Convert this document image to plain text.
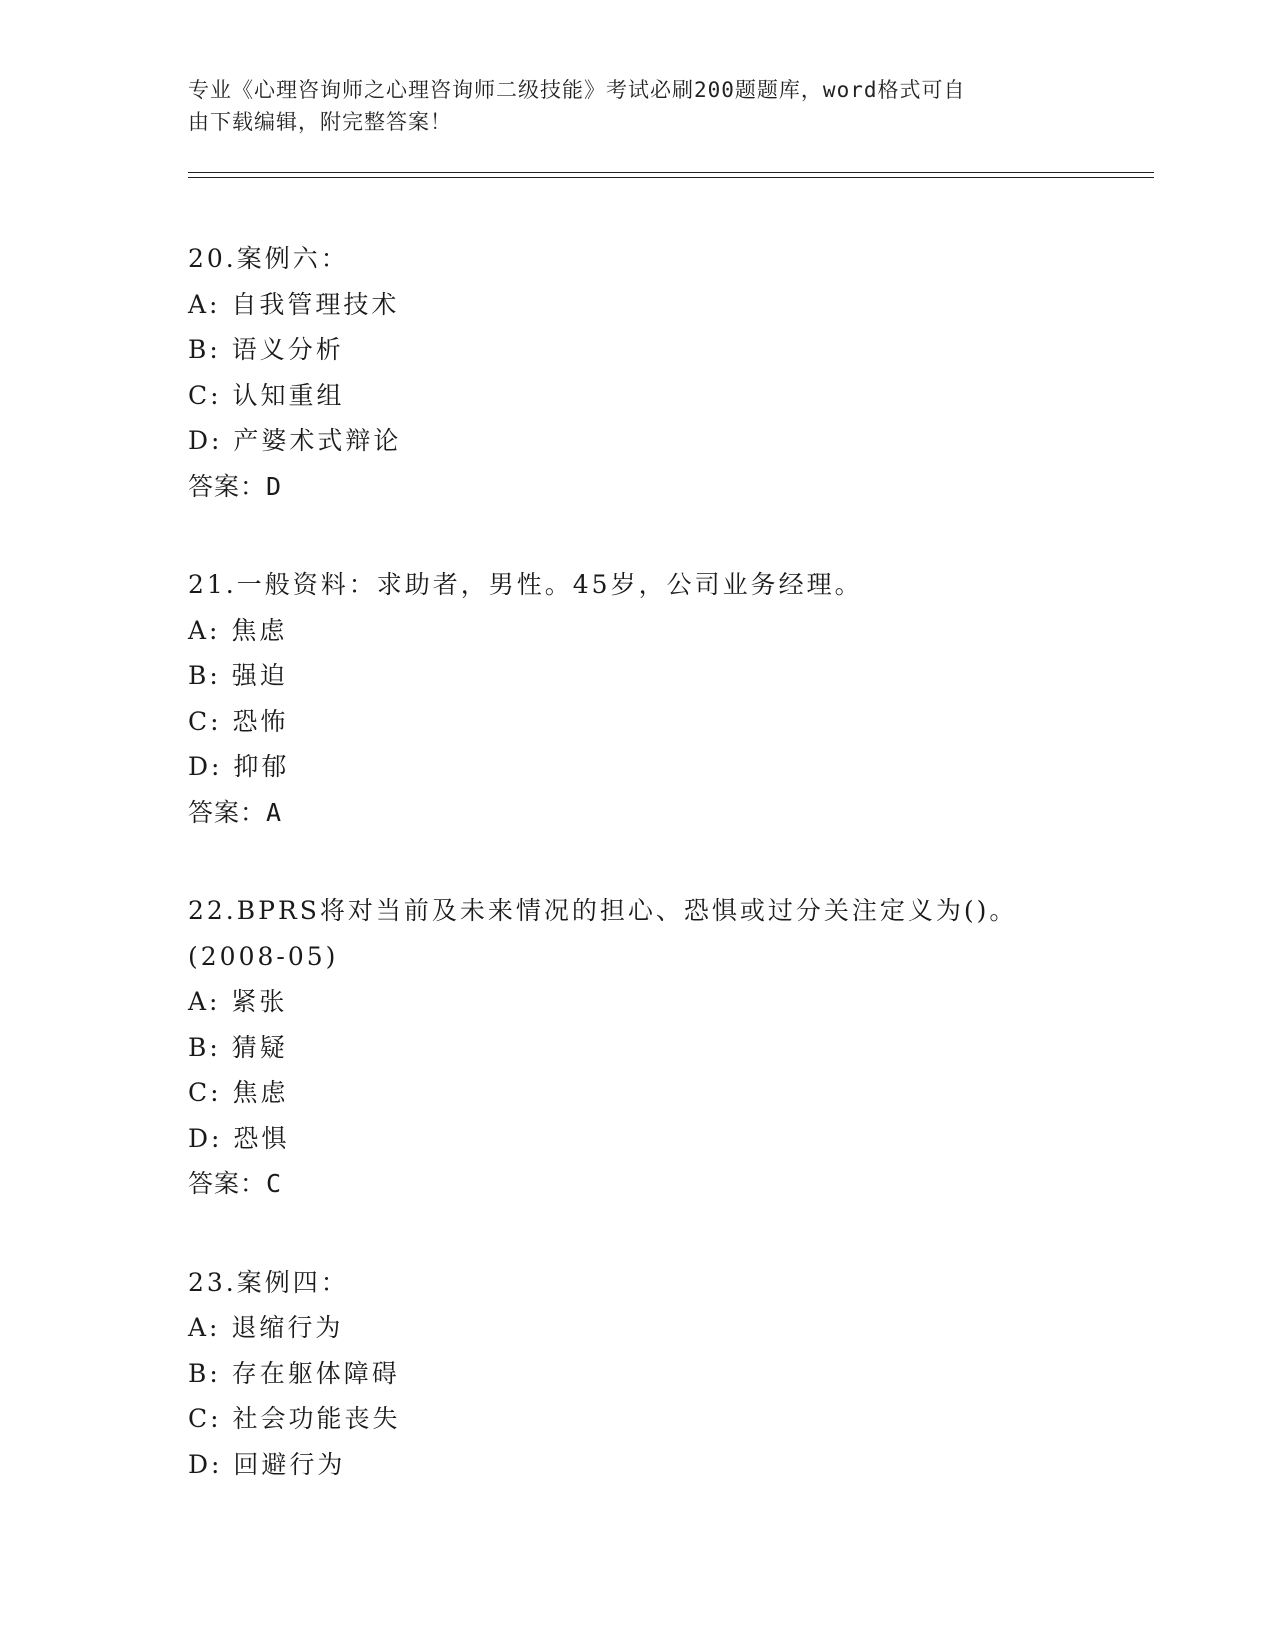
专业《心理咨询师之心理咨询师二级技能》考试必刷200题题库，word格式可自
由下载编辑，附完整答案！

20.案例六：

A: 自我管理技术

B: 语义分析

C: 认知重组

D: 产婆术式辩论

答案：D

21.一般资料：求助者，男性。45岁，公司业务经理。

A: 焦虑

B: 强迫

C: 恐怖

D: 抑郁

答案：A

22.BPRS将对当前及未来情况的担心、恐惧或过分关注定义为()。

(2008-05)

A: 紧张

B: 猜疑

C: 焦虑

D: 恐惧

答案：C

23.案例四：

A: 退缩行为

B: 存在躯体障碍

C: 社会功能丧失

D: 回避行为
